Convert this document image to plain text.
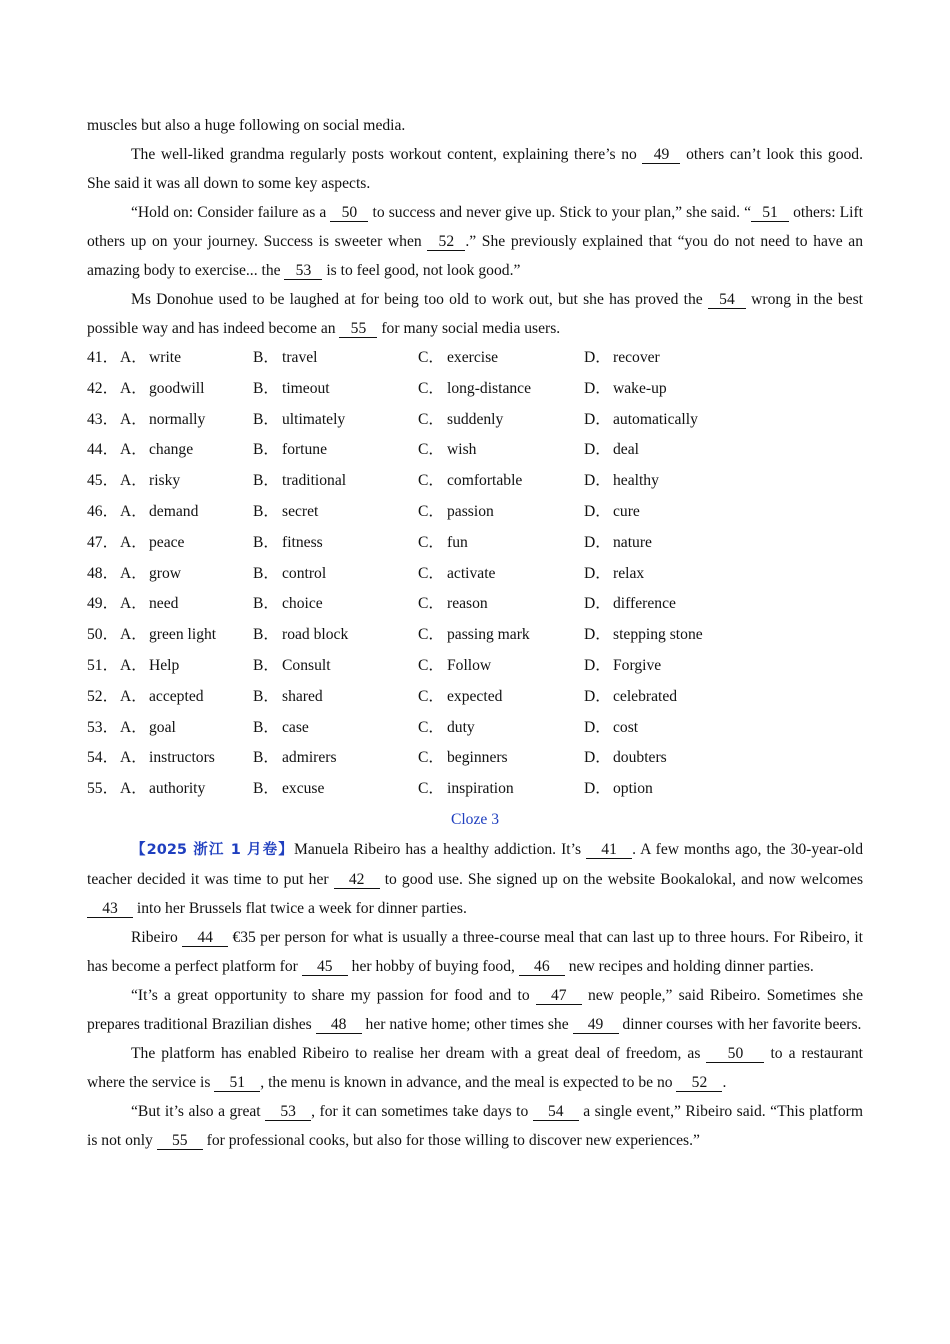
muscles but also a huge following on social media.

The well-liked grandma regularly posts workout content, explaining there’s no 49 others can’t look this good. She said it was all down to some key aspects.

“Hold on: Consider failure as a 50 to success and never give up. Stick to your plan,” she said. “ 51 others: Lift others up on your journey. Success is sweeter when 52 .” She previously explained that “you do not need to have an amazing body to exercise... the 53 is to feel good, not look good.”

Ms Donohue used to be laughed at for being too old to work out, but she has proved the 54 wrong in the best possible way and has indeed become an 55 for many social media users.

41． A． write	B． travel	C． exercise	D． recover
42． A． goodwill	B． timeout	C． long-distance	D． wake-up
43． A． normally	B． ultimately	C． suddenly	D． automatically
44． A． change	B． fortune	C． wish	D． deal
45． A． risky	B． traditional	C． comfortable	D． healthy
46． A． demand	B． secret	C． passion	D． cure
47． A． peace	B． fitness	C． fun	D． nature
48． A． grow	B． control	C． activate	D． relax
49． A． need	B． choice	C． reason	D． difference
50． A． green light B． road block	C． passing mark	D． stepping stone
51． A． Help	B． Consult	C． Follow	D． Forgive
52． A． accepted	B． shared	C． expected	D． celebrated
53． A． goal	B． case	C． duty	D． cost
54． A． instructors B． admirers	C． beginners	D． doubters
55． A． authority	B． excuse	C． inspiration	D． option
Cloze 3

【2025 浙江 1 月卷】Manuela Ribeiro has a healthy addiction. It’s 41 . A few months ago, the 30-year-old teacher decided it was time to put her 42 to good use. She signed up on the website Bookalokal, and now welcomes 43 into her Brussels flat twice a week for dinner parties.

Ribeiro 44 €35 per person for what is usually a three-course meal that can last up to three hours. For Ribeiro, it has become a perfect platform for 45 her hobby of buying food, 46 new recipes and holding dinner parties.

“It’s a great opportunity to share my passion for food and to 47 new people,” said Ribeiro. Sometimes she prepares traditional Brazilian dishes 48 her native home; other times she 49 dinner courses with her favorite beers.

The platform has enabled Ribeiro to realise her dream with a great deal of freedom, as 50 to a restaurant where the service is 51 , the menu is known in advance, and the meal is expected to be no 52 .

“But it’s also a great 53 , for it can sometimes take days to 54 a single event,” Ribeiro said. “This platform is not only 55 for professional cooks, but also for those willing to discover new experiences.”
